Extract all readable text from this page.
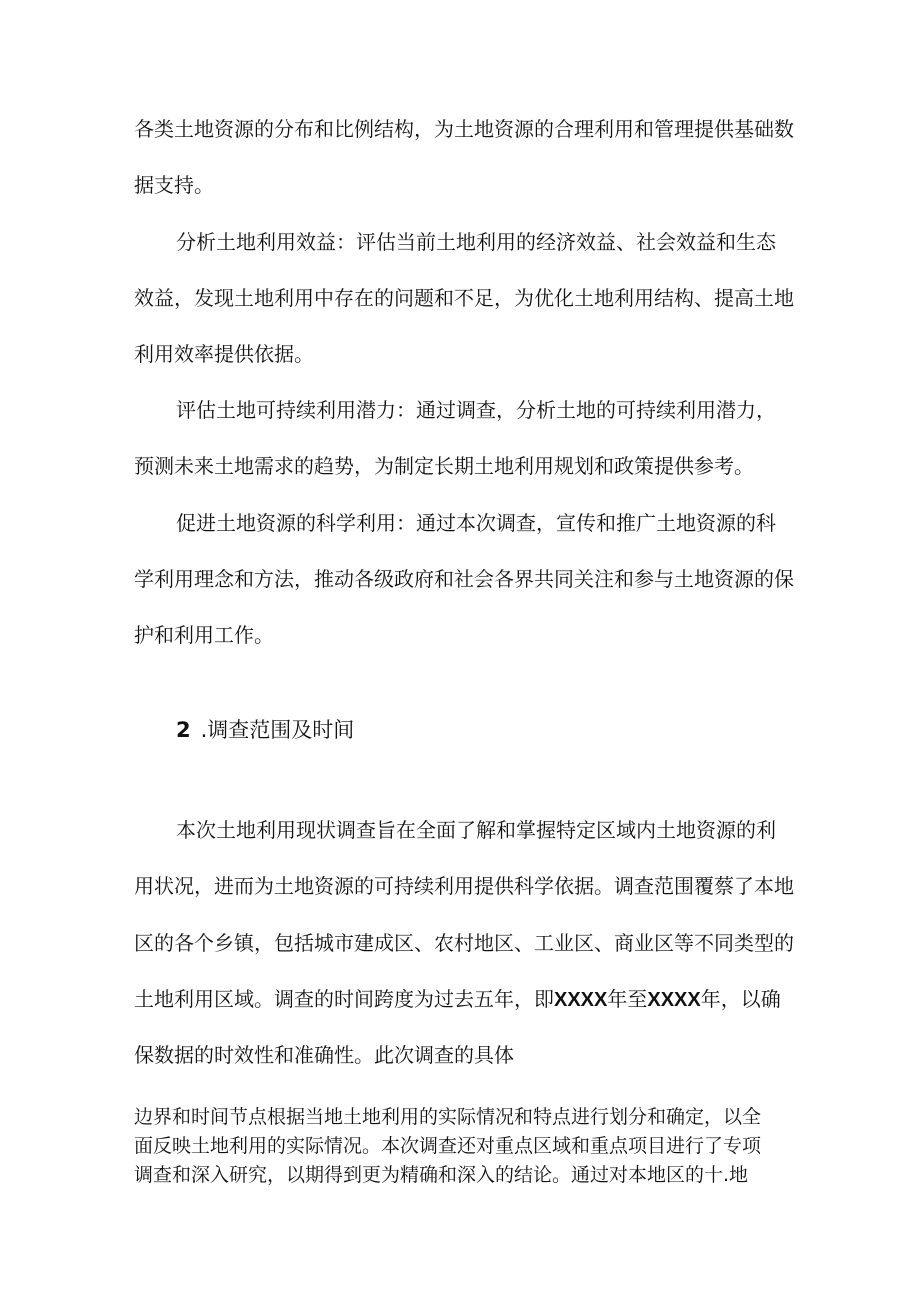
各类土地资源的分布和比例结构，为土地资源的合理利用和管理提供基础数

据支持。

分析土地利用效益：评估当前土地利用的经济效益、社会效益和生态

效益，发现土地利用中存在的问题和不足，为优化土地利用结构、提高土地

利用效率提供依据。

评估土地可持续利用潜力：通过调查，分析土地的可持续利用潜力，

预测未来土地需求的趋势，为制定长期土地利用规划和政策提供参考。

促进土地资源的科学利用：通过本次调查，宣传和推广土地资源的科

学利用理念和方法，推动各级政府和社会各界共同关注和参与土地资源的保

护和利用工作。

2 .调查范围及时间

本次土地利用现状调查旨在全面了解和掌握特定区域内土地资源的利

用状况，进而为土地资源的可持续利用提供科学依据。调查范围覆蔡了本地

区的各个乡镇，包括城市建成区、农村地区、工业区、商业区等不同类型的

土地利用区域。调查的时间跨度为过去五年，即XXXX年至XXXX年，以确

保数据的时效性和准确性。此次调查的具体

边界和时间节点根据当地土地利用的实际情况和特点进行划分和确定，以全

面反映土地利用的实际情况。本次调查还对重点区域和重点项目进行了专项

调查和深入研究，以期得到更为精确和深入的结论。通过对本地区的十.地
